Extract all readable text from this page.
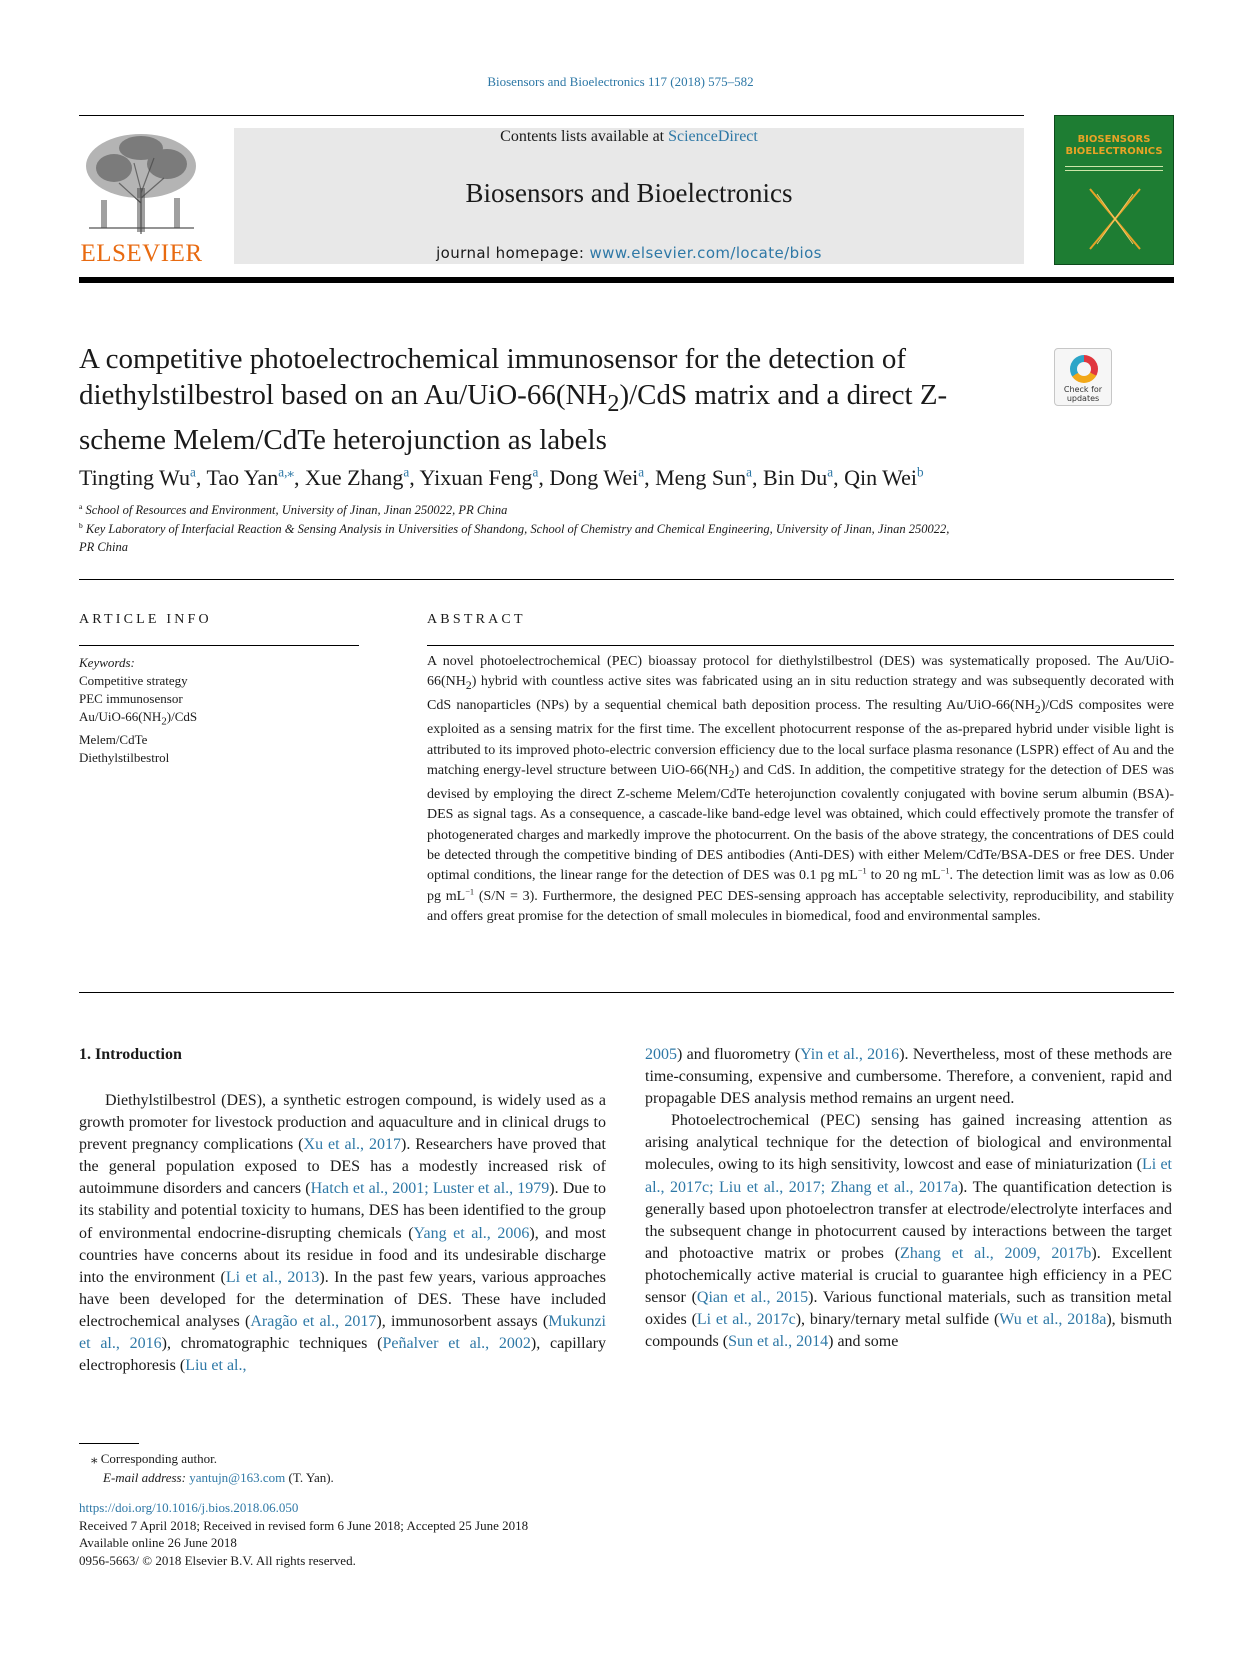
Biosensors and Bioelectronics 117 (2018) 575–582
ELSEVIER
Contents lists available at ScienceDirect
Biosensors and Bioelectronics
journal homepage: www.elsevier.com/locate/bios
BIOSENSORS
BIOELECTRONICS
A competitive photoelectrochemical immunosensor for the detection of
diethylstilbestrol based on an $Au/UiO-66(NH_2)$/CdS matrix and a direct Z-
scheme Melem/CdTe heterojunction as labels
Check for updates
Tingting Wu$^a$, Tao Yan$^{a,⁎}$, Xue Zhang$^a$, Yixuan Feng$^a$, Dong Wei$^a$, Meng Sun$^a$, Bin Du$^a$, Qin Wei$^b$
$^a$ School of Resources and Environment, University of Jinan, Jinan 250022, PR China
$^b$ Key Laboratory of Interfacial Reaction & Sensing Analysis in Universities of Shandong, School of Chemistry and Chemical Engineering, University of Jinan, Jinan 250022,
PR China
ARTICLE INFO
Keywords:
Competitive strategy
PEC immunosensor
$Au/UiO-66(NH_2)$/CdS
Melem/CdTe
Diethylstilbestrol
ABSTRACT
A novel photoelectrochemical (PEC) bioassay protocol for diethylstilbestrol (DES) was systematically proposed. The $Au/UiO-66(NH_2)$ hybrid with countless active sites was fabricated using an in situ reduction strategy and was subsequently decorated with CdS nanoparticles (NPs) by a sequential chemical bath deposition process. The resulting $Au/UiO-66(NH_2)$/CdS composites were exploited as a sensing matrix for the first time. The excellent photocurrent response of the as-prepared hybrid under visible light is attributed to its improved photo-electric conversion efficiency due to the local surface plasma resonance (LSPR) effect of Au and the matching energy-level structure between UiO-$66(NH_2)$ and CdS. In addition, the competitive strategy for the detection of DES was devised by employing the direct Z-scheme Melem/CdTe heterojunction covalently conjugated with bovine serum albumin (BSA)-DES as signal tags. As a consequence, a cascade-like band-edge level was obtained, which could effectively promote the transfer of photogenerated charges and markedly improve the photocurrent. On the basis of the above strategy, the concentrations of DES could be detected through the competitive binding of DES antibodies (Anti-DES) with either Melem/CdTe/BSA-DES or free DES. Under optimal conditions, the linear range for the detection of DES was 0.1 pg $mL^{-1}$ to 20 ng $mL^{-1}$. The detection limit was as low as 0.06 pg $mL^{-1}$ (S/N = 3). Furthermore, the designed PEC DES-sensing approach has acceptable selectivity, reproducibility, and stability and offers great promise for the detection of small molecules in biomedical, food and environmental samples.
1. Introduction

Diethylstilbestrol (DES), a synthetic estrogen compound, is widely used as a growth promoter for livestock production and aquaculture and in clinical drugs to prevent pregnancy complications (Xu et al., 2017). Researchers have proved that the general population exposed to DES has a modestly increased risk of autoimmune disorders and cancers (Hatch et al., 2001; Luster et al., 1979). Due to its stability and potential toxicity to humans, DES has been identified to the group of environmental endocrine-disrupting chemicals (Yang et al., 2006), and most countries have concerns about its residue in food and its undesirable discharge into the environment (Li et al., 2013). In the past few years, various approaches have been developed for the determination of DES. These have included electrochemical analyses (Aragão et al., 2017), immunosorbent assays (Mukunzi et al., 2016), chromatographic techniques (Peñalver et al., 2002), capillary electrophoresis (Liu et al.,

2005) and fluorometry (Yin et al., 2016). Nevertheless, most of these methods are time-consuming, expensive and cumbersome. Therefore, a convenient, rapid and propagable DES analysis method remains an urgent need.

Photoelectrochemical (PEC) sensing has gained increasing attention as arising analytical technique for the detection of biological and environmental molecules, owing to its high sensitivity, lowcost and ease of miniaturization (Li et al., 2017c; Liu et al., 2017; Zhang et al., 2017a). The quantification detection is generally based upon photoelectron transfer at electrode/electrolyte interfaces and the subsequent change in photocurrent caused by interactions between the target and photoactive matrix or probes (Zhang et al., 2009, 2017b). Excellent photochemically active material is crucial to guarantee high efficiency in a PEC sensor (Qian et al., 2015). Various functional materials, such as transition metal oxides (Li et al., 2017c), binary/ternary metal sulfide (Wu et al., 2018a), bismuth compounds (Sun et al., 2014) and some

⁎ Corresponding author.
E-mail address: yantujn@163.com (T. Yan).
https://doi.org/10.1016/j.bios.2018.06.050
Received 7 April 2018; Received in revised form 6 June 2018; Accepted 25 June 2018
Available online 26 June 2018
0956-5663/ © 2018 Elsevier B.V. All rights reserved.
